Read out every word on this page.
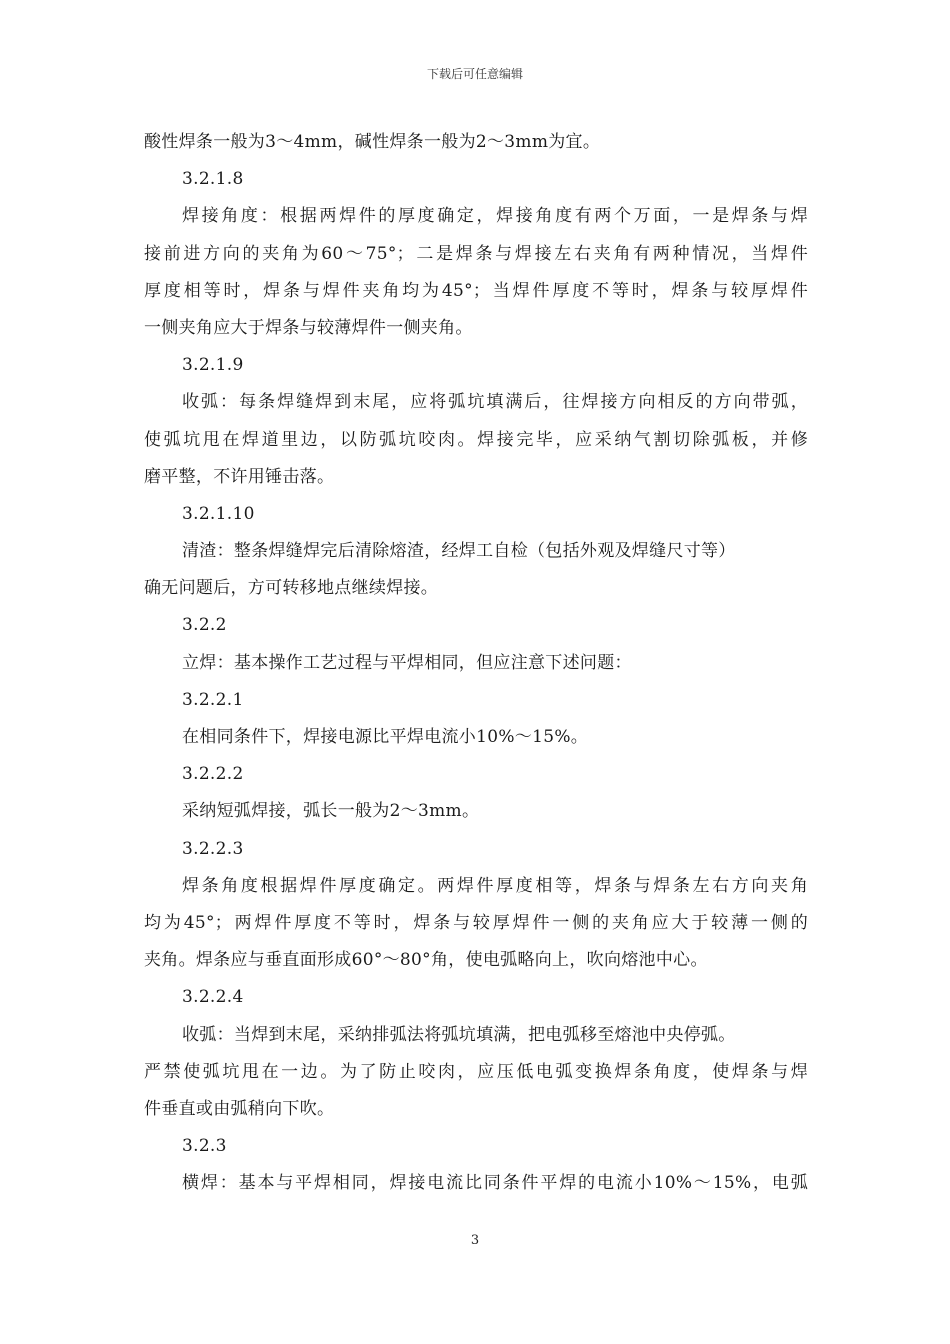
下载后可任意编辑
酸性焊条一般为3～4mm，碱性焊条一般为2～3mm为宜。
3.2.1.8
焊接角度：根据两焊件的厚度确定，焊接角度有两个万面，一是焊条与焊
接前进方向的夹角为60～75°；二是焊条与焊接左右夹角有两种情况，当焊件
厚度相等时，焊条与焊件夹角均为45°；当焊件厚度不等时，焊条与较厚焊件
一侧夹角应大于焊条与较薄焊件一侧夹角。
3.2.1.9
收弧：每条焊缝焊到末尾，应将弧坑填满后，往焊接方向相反的方向带弧，
使弧坑甩在焊道里边，以防弧坑咬肉。焊接完毕，应采纳气割切除弧板，并修
磨平整，不许用锤击落。
3.2.1.10
清渣：整条焊缝焊完后清除熔渣，经焊工自检（包括外观及焊缝尺寸等）
确无问题后，方可转移地点继续焊接。
3.2.2
立焊：基本操作工艺过程与平焊相同，但应注意下述问题：
3.2.2.1
在相同条件下，焊接电源比平焊电流小10%～15%。
3.2.2.2
采纳短弧焊接，弧长一般为2～3mm。
3.2.2.3
焊条角度根据焊件厚度确定。两焊件厚度相等，焊条与焊条左右方向夹角
均为45°；两焊件厚度不等时，焊条与较厚焊件一侧的夹角应大于较薄一侧的
夹角。焊条应与垂直面形成60°～80°角，使电弧略向上，吹向熔池中心。
3.2.2.4
收弧：当焊到末尾，采纳排弧法将弧坑填满，把电弧移至熔池中央停弧。
严禁使弧坑甩在一边。为了防止咬肉，应压低电弧变换焊条角度，使焊条与焊
件垂直或由弧稍向下吹。
3.2.3
横焊：基本与平焊相同，焊接电流比同条件平焊的电流小10%～15%，电弧
3
